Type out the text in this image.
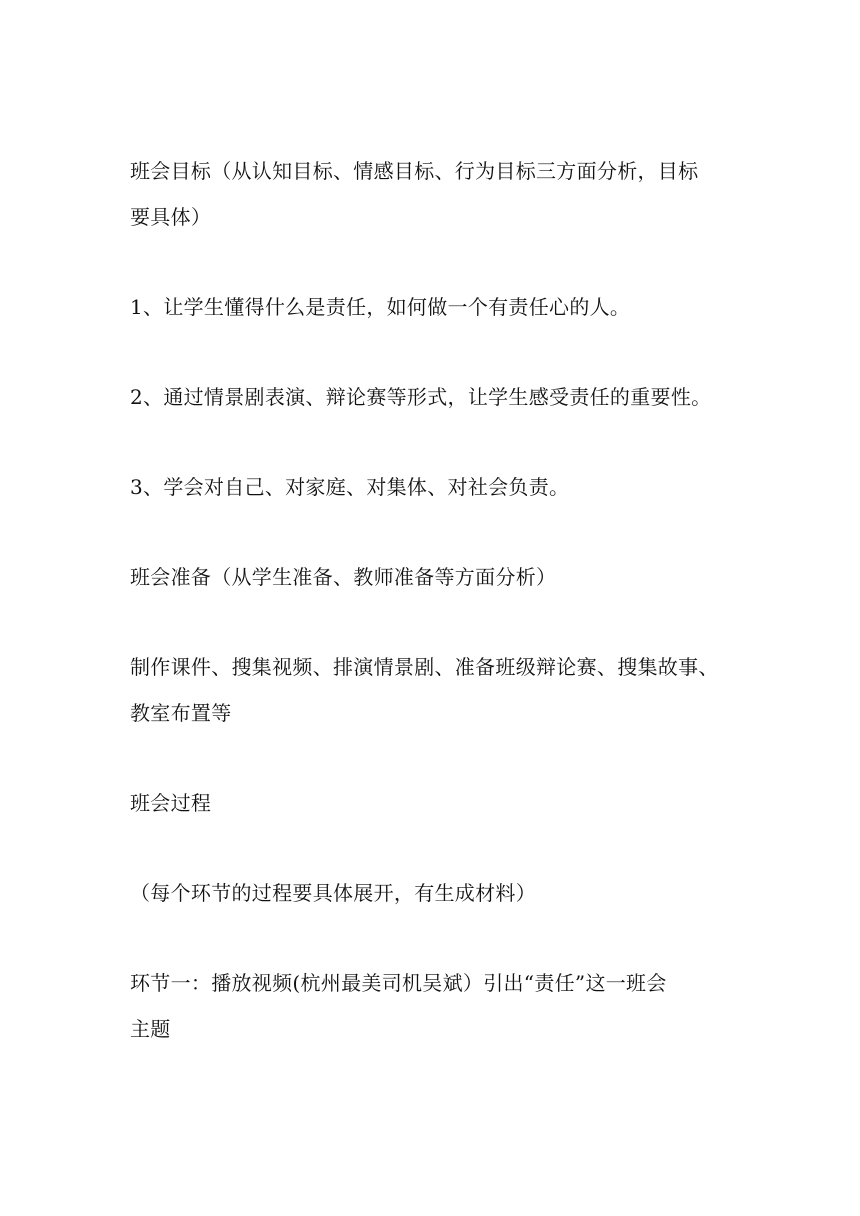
班会目标（从认知目标、情感目标、行为目标三方面分析，目标
要具体）
1、让学生懂得什么是责任，如何做一个有责任心的人。
2、通过情景剧表演、辩论赛等形式，让学生感受责任的重要性。
3、学会对自己、对家庭、对集体、对社会负责。
班会准备（从学生准备、教师准备等方面分析）
制作课件、搜集视频、排演情景剧、准备班级辩论赛、搜集故事、
教室布置等
班会过程
（每个环节的过程要具体展开，有生成材料）
环节一：播放视频(杭州最美司机吴斌）引出“责任”这一班会
主题
